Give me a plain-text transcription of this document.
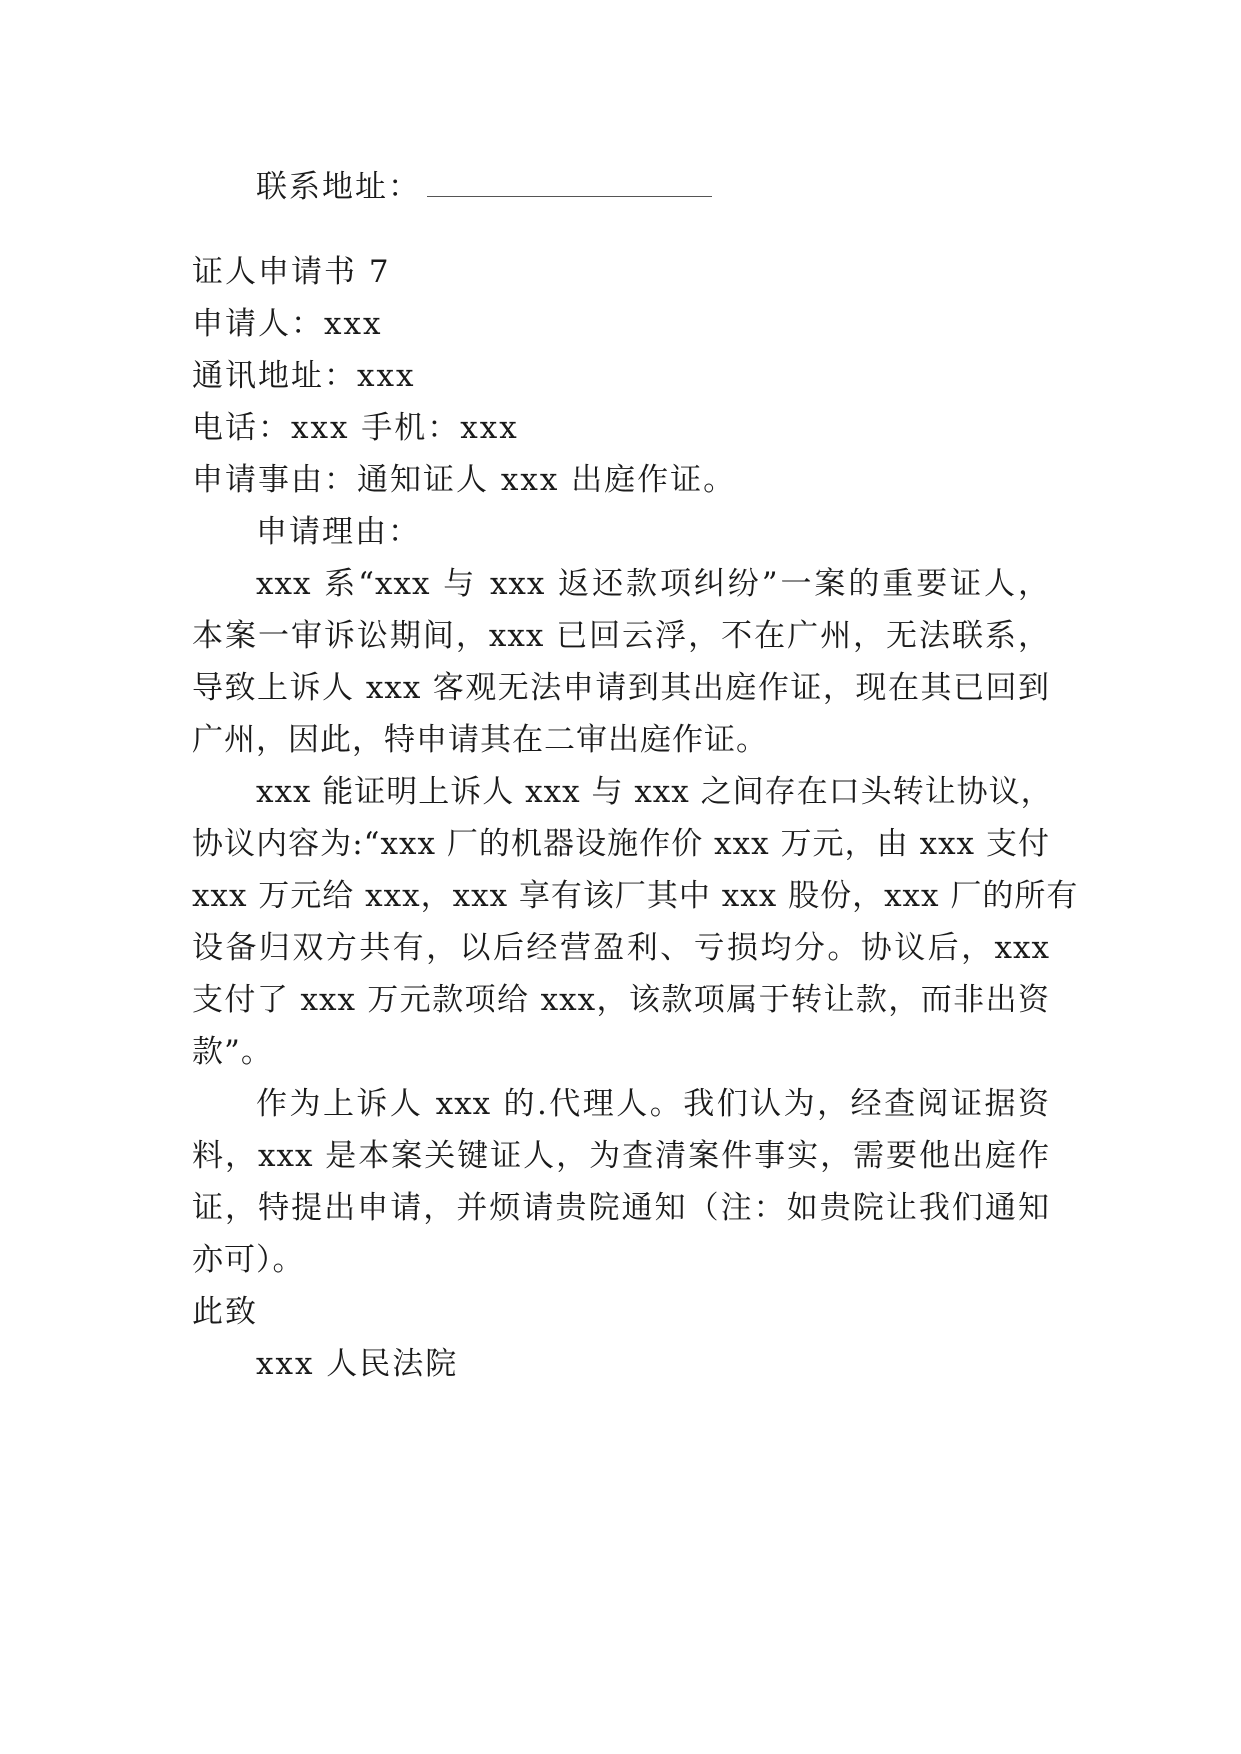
联系地址：
证人申请书 7
申请人：xxx
通讯地址：xxx
电话：xxx 手机：xxx
申请事由：通知证人 xxx 出庭作证。
申请理由：
xxx 系“xxx 与 xxx 返还款项纠纷”一案的重要证人，
本案一审诉讼期间，xxx 已回云浮，不在广州，无法联系，
导致上诉人 xxx 客观无法申请到其出庭作证，现在其已回到
广州，因此，特申请其在二审出庭作证。
xxx 能证明上诉人 xxx 与 xxx 之间存在口头转让协议，
协议内容为:“xxx 厂的机器设施作价 xxx 万元，由 xxx 支付
xxx 万元给 xxx，xxx 享有该厂其中 xxx 股份，xxx 厂的所有
设备归双方共有，以后经营盈利、亏损均分。协议后，xxx
支付了 xxx 万元款项给 xxx，该款项属于转让款，而非出资
款”。
作为上诉人 xxx 的.代理人。我们认为，经查阅证据资
料，xxx 是本案关键证人，为查清案件事实，需要他出庭作
证，特提出申请，并烦请贵院通知（注：如贵院让我们通知
亦可）。
此致
xxx 人民法院
